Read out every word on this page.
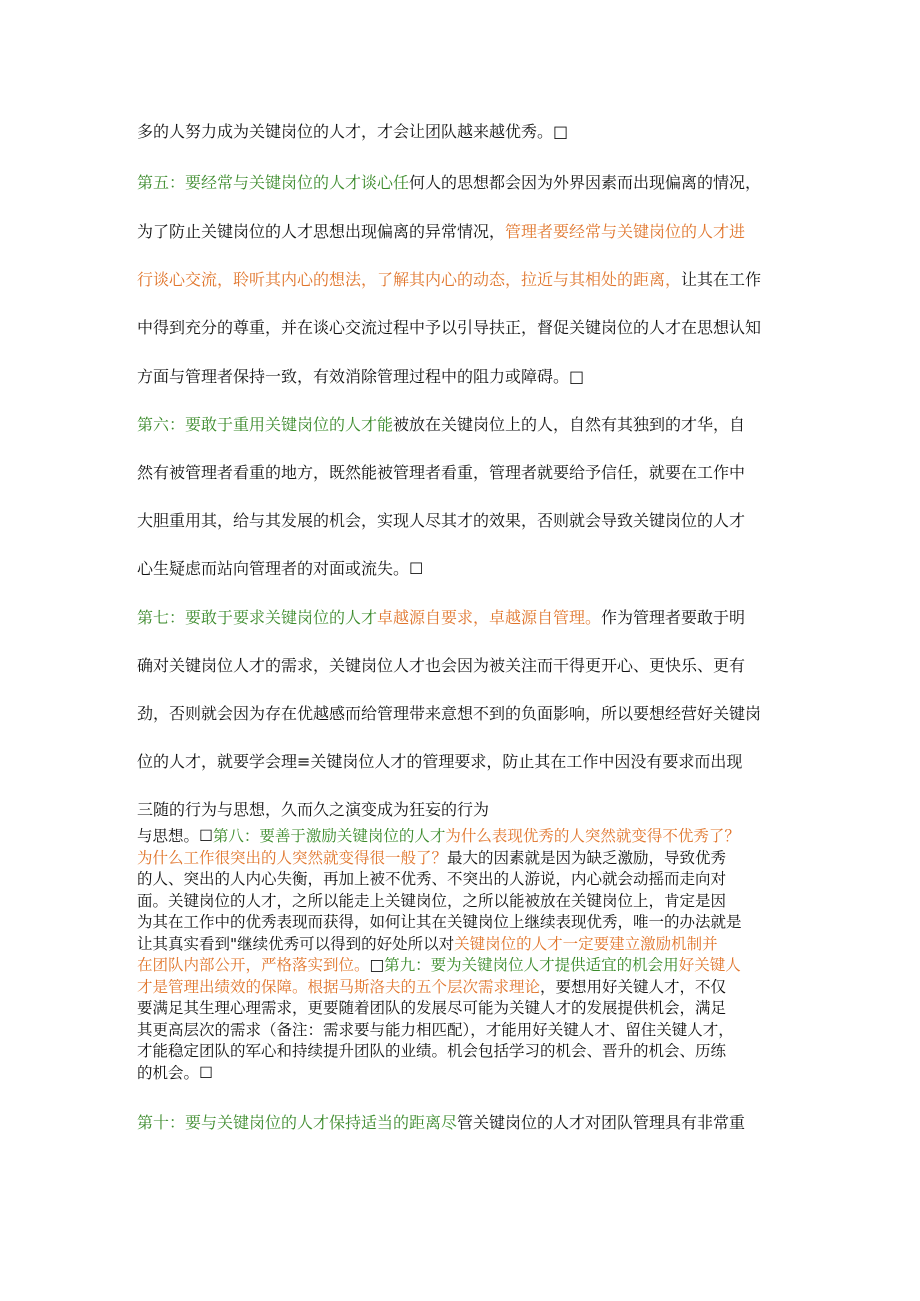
多的人努力成为关键岗位的人才，才会让团队越来越优秀。□
第五：要经常与关键岗位的人才谈心任何人的思想都会因为外界因素而出现偏离的情况，
为了防止关键岗位的人才思想出现偏离的异常情况，管理者要经常与关键岗位的人才进
行谈心交流，聆听其内心的想法，了解其内心的动态，拉近与其相处的距离，让其在工作
中得到充分的尊重，并在谈心交流过程中予以引导扶正，督促关键岗位的人才在思想认知
方面与管理者保持一致，有效消除管理过程中的阻力或障碍。□
第六：要敢于重用关键岗位的人才能被放在关键岗位上的人，自然有其独到的才华，自
然有被管理者看重的地方，既然能被管理者看重，管理者就要给予信任，就要在工作中
大胆重用其，给与其发展的机会，实现人尽其才的效果，否则就会导致关键岗位的人才
心生疑虑而站向管理者的对面或流失。☐
第七：要敢于要求关键岗位的人才卓越源自要求，卓越源自管理。作为管理者要敢于明
确对关键岗位人才的需求，关键岗位人才也会因为被关注而干得更开心、更快乐、更有
劲，否则就会因为存在优越感而给管理带来意想不到的负面影响，所以要想经营好关键岗
位的人才，就要学会理≡关键岗位人才的管理要求，防止其在工作中因没有要求而出现
三随的行为与思想，久而久之演变成为狂妄的行为
与思想。☐第八：要善于激励关键岗位的人才为什么表现优秀的人突然就变得不优秀了？
为什么工作很突出的人突然就变得很一般了？最大的因素就是因为缺乏激励，导致优秀
的人、突出的人内心失衡，再加上被不优秀、不突出的人游说，内心就会动摇而走向对
面。关键岗位的人才，之所以能走上关键岗位，之所以能被放在关键岗位上，肯定是因
为其在工作中的优秀表现而获得，如何让其在关键岗位上继续表现优秀，唯一的办法就是
让其真实看到"继续优秀可以得到的好处所以对关键岗位的人才一定要建立激励机制并
在团队内部公开，严格落实到位。□第九：要为关键岗位人才提供适宜的机会用好关键人
才是管理出绩效的保障。根据马斯洛夫的五个层次需求理论，要想用好关键人才，不仅
要满足其生理心理需求，更要随着团队的发展尽可能为关键人才的发展提供机会，满足
其更高层次的需求（备注：需求要与能力相匹配），才能用好关键人才、留住关键人才，
才能稳定团队的军心和持续提升团队的业绩。机会包括学习的机会、晋升的机会、历练
的机会。☐
第十：要与关键岗位的人才保持适当的距离尽管关键岗位的人才对团队管理具有非常重
